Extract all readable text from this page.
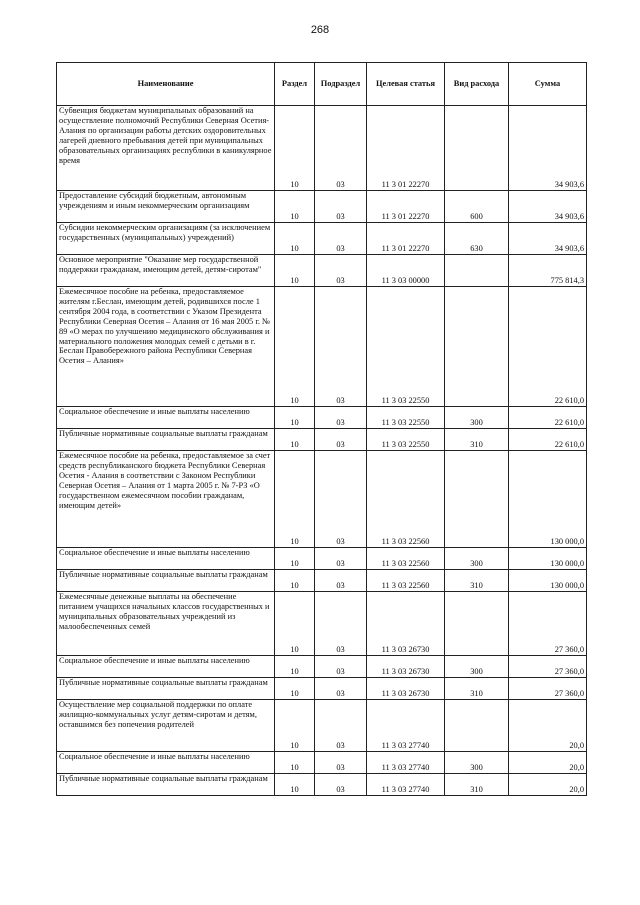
268
Наименование	Раздел	Подраздел	Целевая статья	Вид расхода	Сумма
Субвенция бюджетам муниципальных образований на осуществление полномочий Республики Северная Осетия-Алания по организации работы детских оздоровительных лагерей дневного пребывания детей при муниципальных образовательных организациях республики в каникулярное время	10	03	11 3 01 22270		34 903,6
Предоставление субсидий бюджетным, автономным учреждениям и иным некоммерческим организациям	10	03	11 3 01 22270	600	34 903,6
Субсидии некоммерческим организациям (за исключением государственных (муниципальных) учреждений)	10	03	11 3 01 22270	630	34 903,6
Основное мероприятие "Оказание мер государственной поддержки гражданам, имеющим детей, детям-сиротам"	10	03	11 3 03 00000		775 814,3
Ежемесячное пособие на ребенка, предоставляемое жителям г.Беслан, имеющим детей, родившихся после 1 сентября 2004 года, в соответствии с Указом Президента Республики Северная Осетия – Алания от 16 мая 2005 г. № 89 «О мерах по улучшению медицинского обслуживания и материального положения молодых семей с детьми в г. Беслан Правобережного района Республики Северная Осетия – Алания»	10	03	11 3 03 22550		22 610,0
Социальное обеспечение и иные выплаты населению	10	03	11 3 03 22550	300	22 610,0
Публичные нормативные социальные выплаты гражданам	10	03	11 3 03 22550	310	22 610,0
Ежемесячное пособие на ребенка, предоставляемое за счет средств республиканского бюджета Республики Северная Осетия - Алания в соответствии с Законом Республики Северная Осетия – Алания от 1 марта 2005 г. № 7-РЗ «О государственном ежемесячном пособии гражданам, имеющим детей»	10	03	11 3 03 22560		130 000,0
Социальное обеспечение и иные выплаты населению	10	03	11 3 03 22560	300	130 000,0
Публичные нормативные социальные выплаты гражданам	10	03	11 3 03 22560	310	130 000,0
Ежемесячные денежные выплаты на обеспечение питанием учащихся начальных классов государственных и муниципальных образовательных учреждений из малообеспеченных семей	10	03	11 3 03 26730		27 360,0
Социальное обеспечение и иные выплаты населению	10	03	11 3 03 26730	300	27 360,0
Публичные нормативные социальные выплаты гражданам	10	03	11 3 03 26730	310	27 360,0
Осуществление мер социальной поддержки по оплате жилищно-коммунальных услуг детям-сиротам и детям, оставшимся без попечения родителей	10	03	11 3 03 27740		20,0
Социальное обеспечение и иные выплаты населению	10	03	11 3 03 27740	300	20,0
Публичные нормативные социальные выплаты гражданам	10	03	11 3 03 27740	310	20,0
